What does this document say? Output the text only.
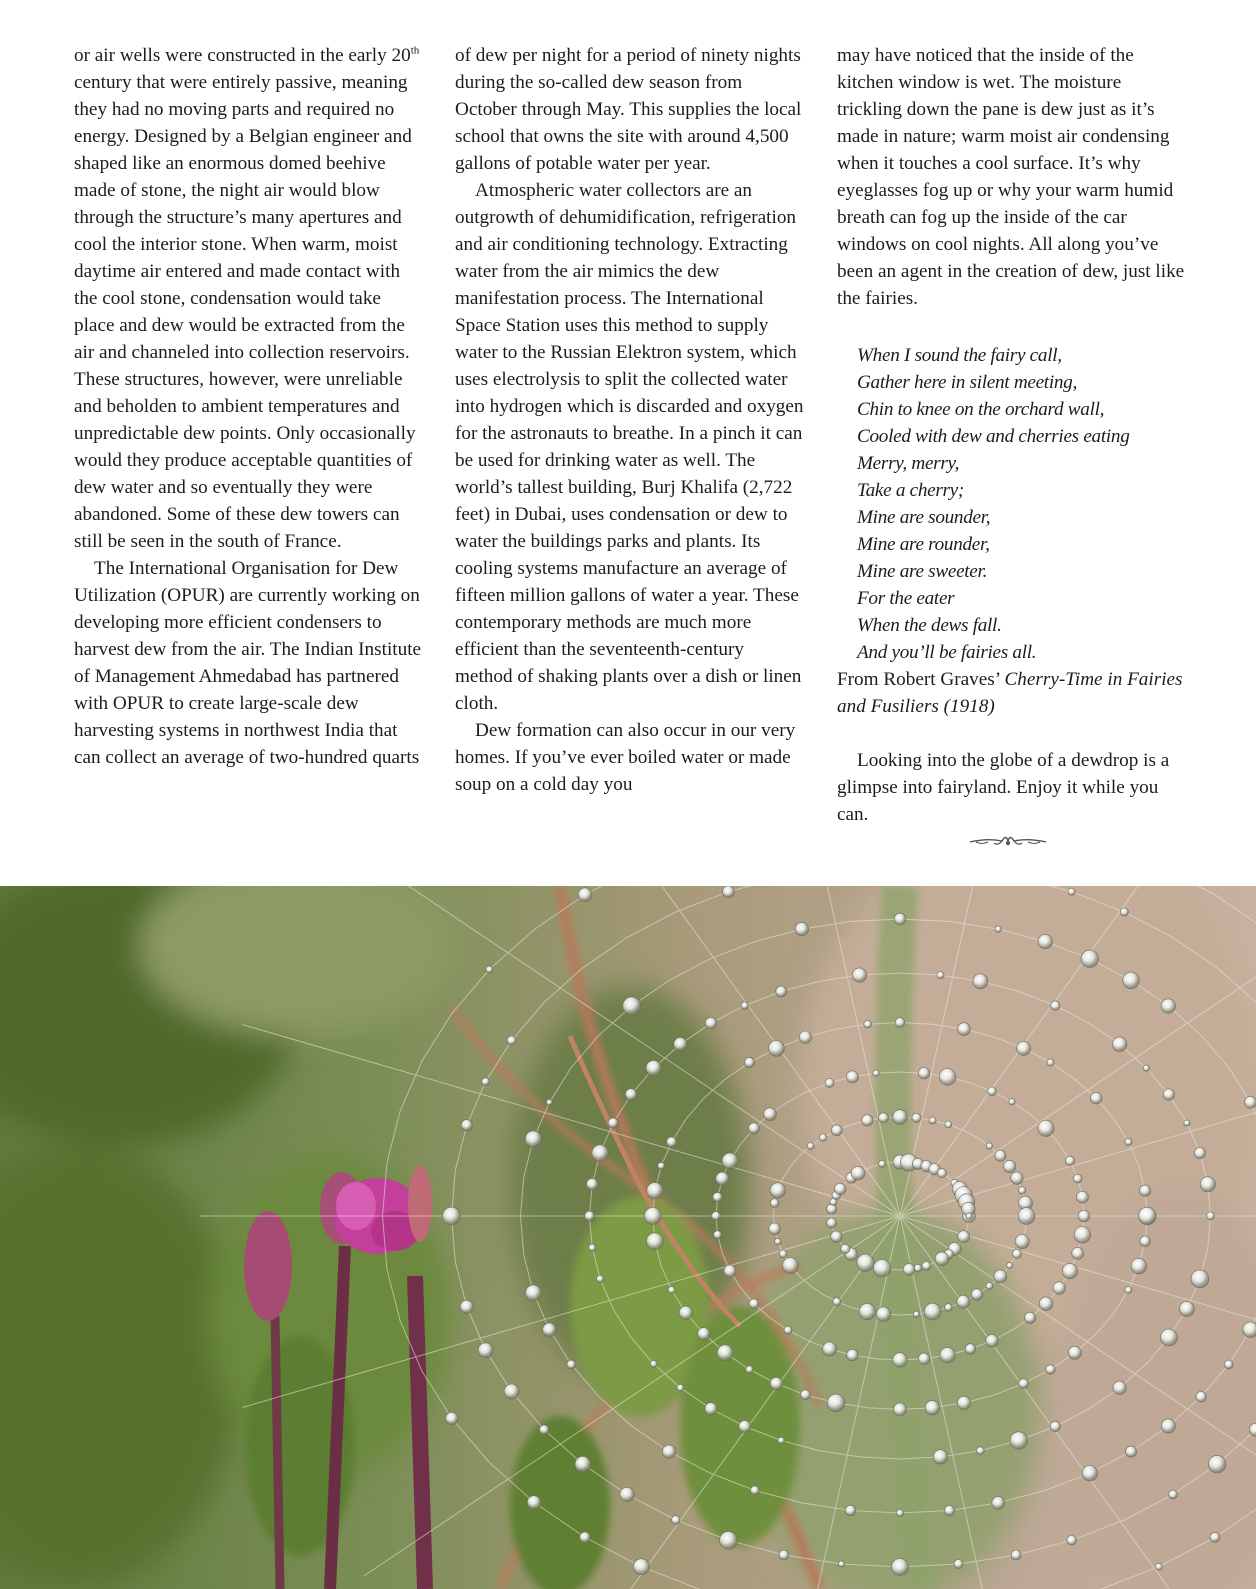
or air wells were constructed in the early 20th century that were entirely passive, meaning they had no moving parts and required no energy. Designed by a Belgian engineer and shaped like an enormous domed beehive made of stone, the night air would blow through the structure’s many apertures and cool the interior stone. When warm, moist daytime air entered and made contact with the cool stone, condensation would take place and dew would be extracted from the air and channeled into collection reservoirs. These structures, however, were unreliable and beholden to ambient temperatures and unpredictable dew points. Only occasionally would they produce acceptable quantities of dew water and so eventually they were abandoned. Some of these dew towers can still be seen in the south of France.

The International Organisation for Dew Utilization (OPUR) are currently working on developing more efficient condensers to harvest dew from the air. The Indian Institute of Management Ahmedabad has partnered with OPUR to create large-scale dew harvesting systems in northwest India that can collect an average of two-hundred quarts

of dew per night for a period of ninety nights during the so-called dew season from October through May. This supplies the local school that owns the site with around 4,500 gallons of potable water per year.

Atmospheric water collectors are an outgrowth of dehumidification, refrigeration and air conditioning technology. Extracting water from the air mimics the dew manifestation process. The International Space Station uses this method to supply water to the Russian Elektron system, which uses electrolysis to split the collected water into hydrogen which is discarded and oxygen for the astronauts to breathe. In a pinch it can be used for drinking water as well. The world’s tallest building, Burj Khalifa (2,722 feet) in Dubai, uses condensation or dew to water the buildings parks and plants. Its cooling systems manufacture an average of fifteen million gallons of water a year. These contemporary methods are much more efficient than the seventeenth-century method of shaking plants over a dish or linen cloth.

Dew formation can also occur in our very homes. If you’ve ever boiled water or made soup on a cold day you

may have noticed that the inside of the kitchen window is wet. The moisture trickling down the pane is dew just as it’s made in nature; warm moist air condensing when it touches a cool surface. It’s why eyeglasses fog up or why your warm humid breath can fog up the inside of the car windows on cool nights. All along you’ve been an agent in the creation of dew, just like the fairies.

When I sound the fairy call,
Gather here in silent meeting,
Chin to knee on the orchard wall,
Cooled with dew and cherries eating
Merry, merry,
Take a cherry;
Mine are sounder,
Mine are rounder,
Mine are sweeter.
For the eater
When the dews fall.
And you’ll be fairies all.

From Robert Graves’ Cherry-Time in Fairies and Fusiliers (1918)

Looking into the globe of a dewdrop is a glimpse into fairyland. Enjoy it while you can.
